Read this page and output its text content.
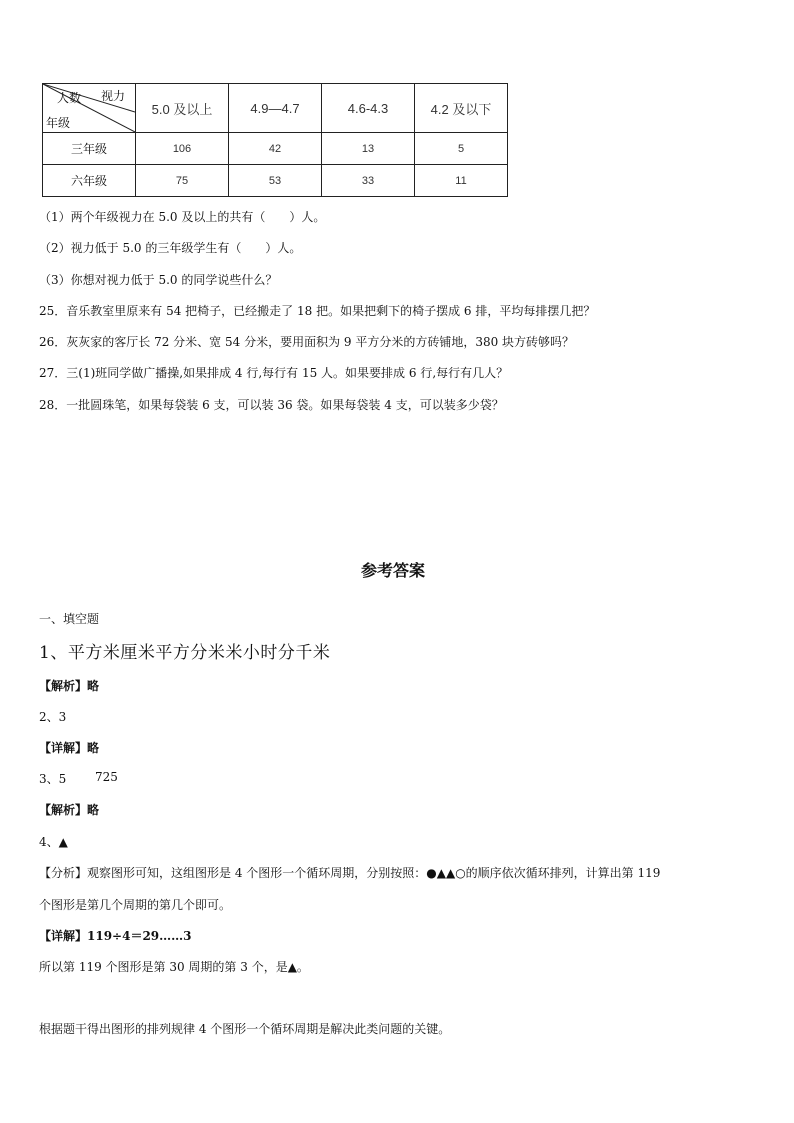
人数 视力
年级	5.0 及以上	4.9—4.7	4.6-4.3	4.2 及以下
三年级	106	42	13	5
六年级	75	53	33	11
（1）两个年级视力在 5.0 及以上的共有（　　）人。
（2）视力低于 5.0 的三年级学生有（　　）人。
（3）你想对视力低于 5.0 的同学说些什么？
25．音乐教室里原来有 54 把椅子，已经搬走了 18 把。如果把剩下的椅子摆成 6 排，平均每排摆几把？
26．灰灰家的客厅长 72 分米、宽 54 分米，要用面积为 9 平方分米的方砖铺地，380 块方砖够吗？
27．三(1)班同学做广播操,如果排成 4 行,每行有 15 人。如果要排成 6 行,每行有几人？
28．一批圆珠笔，如果每袋装 6 支，可以装 36 袋。如果每袋装 4 支，可以装多少袋？
参考答案
一、填空题
1、平方米厘米平方分米米小时分千米
【解析】略
2、3
【详解】略
3、5 725
【解析】略
4、▲
【分析】观察图形可知，这组图形是 4 个图形一个循环周期，分别按照：●▲▲○的顺序依次循环排列，计算出第 119
个图形是第几个周期的第几个即可。
【详解】119÷4＝29……3
所以第 119 个图形是第 30 周期的第 3 个，是▲。
根据题干得出图形的排列规律 4 个图形一个循环周期是解决此类问题的关键。
